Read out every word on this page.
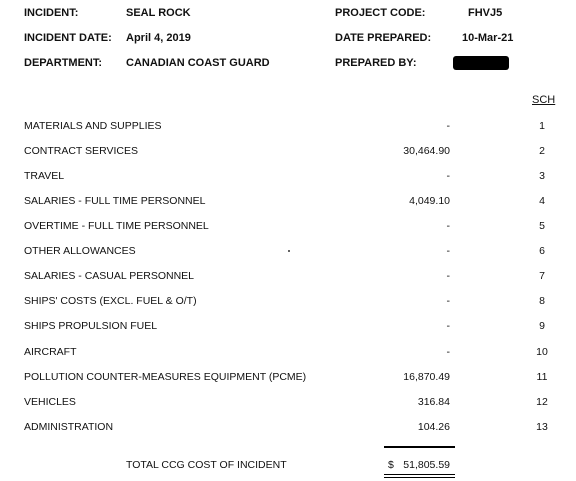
INCIDENT:	SEAL ROCK
INCIDENT DATE: April 4, 2019
DEPARTMENT: CANADIAN COAST GUARD
PROJECT CODE:	FHVJ5
DATE PREPARED:	10-Mar-21
PREPARED BY:
SCH
MATERIALS AND SUPPLIES	-	1
CONTRACT SERVICES	30,464.90	2
TRAVEL	-	3
SALARIES - FULL TIME PERSONNEL	4,049.10	4
OVERTIME - FULL TIME PERSONNEL	-	5
OTHER ALLOWANCES	-	6
SALARIES - CASUAL PERSONNEL	-	7
SHIPS' COSTS (EXCL. FUEL & O/T)	-	8
SHIPS PROPULSION FUEL	-	9
AIRCRAFT	-	10
POLLUTION COUNTER-MEASURES EQUIPMENT (PCME)	16,870.49	11
VEHICLES	316.84	12
ADMINISTRATION	104.26	13
TOTAL CCG COST OF INCIDENT	$ 51,805.59
